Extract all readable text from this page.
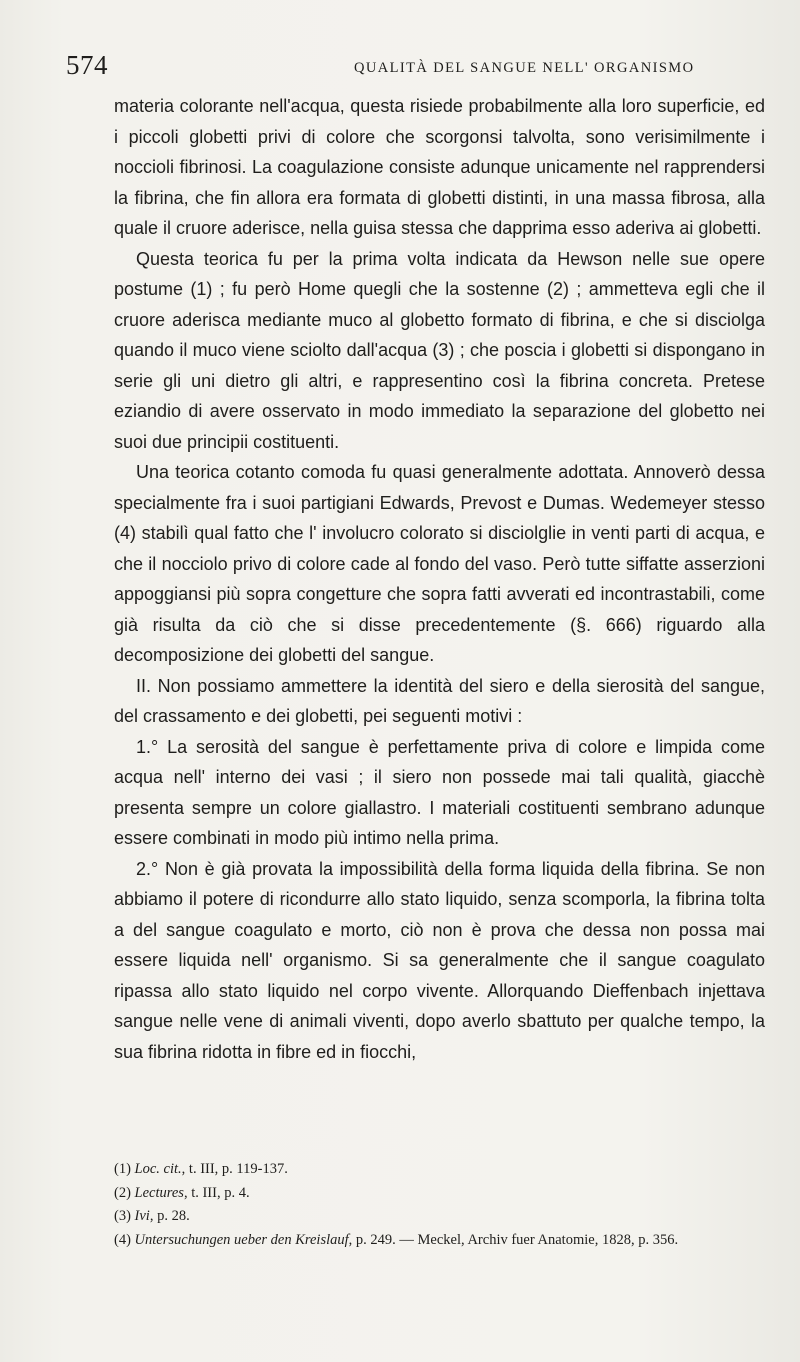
574	QUALITÀ DEL SANGUE NELL' ORGANISMO

materia colorante nell'acqua, questa risiede probabilmente alla loro superficie, ed i piccoli globetti privi di colore che scorgonsi talvolta, sono verisimilmente i noccioli fibrinosi. La coagulazione consiste adunque unicamente nel rapprendersi la fibrina, che fin allora era formata di globetti distinti, in una massa fibrosa, alla quale il cruore aderisce, nella guisa stessa che dapprima esso aderiva ai globetti.

Questa teorica fu per la prima volta indicata da Hewson nelle sue opere postume (1) ; fu però Home quegli che la sostenne (2) ; ammetteva egli che il cruore aderisca mediante muco al globetto formato di fibrina, e che si disciolga quando il muco viene sciolto dall'acqua (3) ; che poscia i globetti si dispongano in serie gli uni dietro gli altri, e rappresentino così la fibrina concreta. Pretese eziandio di avere osservato in modo immediato la separazione del globetto nei suoi due principii costituenti.

Una teorica cotanto comoda fu quasi generalmente adottata. Annoverò dessa specialmente fra i suoi partigiani Edwards, Prevost e Dumas. Wedemeyer stesso (4) stabilì qual fatto che l' involucro colorato si disciolglie in venti parti di acqua, e che il nocciolo privo di colore cade al fondo del vaso. Però tutte siffatte asserzioni appoggiansi più sopra congetture che sopra fatti avverati ed incontrastabili, come già risulta da ciò che si disse precedentemente (§. 666) riguardo alla decomposizione dei globetti del sangue.

II. Non possiamo ammettere la identità del siero e della sierosità del sangue, del crassamento e dei globetti, pei seguenti motivi :

1.° La serosità del sangue è perfettamente priva di colore e limpida come acqua nell' interno dei vasi ; il siero non possede mai tali qualità, giacchè presenta sempre un colore giallastro. I materiali costituenti sembrano adunque essere combinati in modo più intimo nella prima.

2.° Non è già provata la impossibilità della forma liquida della fibrina. Se non abbiamo il potere di ricondurre allo stato liquido, senza scomporla, la fibrina tolta a del sangue coagulato e morto, ciò non è prova che dessa non possa mai essere liquida nell' organismo. Si sa generalmente che il sangue coagulato ripassa allo stato liquido nel corpo vivente. Allorquando Dieffenbach injettava sangue nelle vene di animali viventi, dopo averlo sbattuto per qualche tempo, la sua fibrina ridotta in fibre ed in fiocchi,

(1) Loc. cit., t. III, p. 119-137.

(2) Lectures, t. III, p. 4.

(3) Ivi, p. 28.

(4) Untersuchungen ueber den Kreislauf, p. 249. — Meckel, Archiv fuer Anatomie, 1828, p. 356.
